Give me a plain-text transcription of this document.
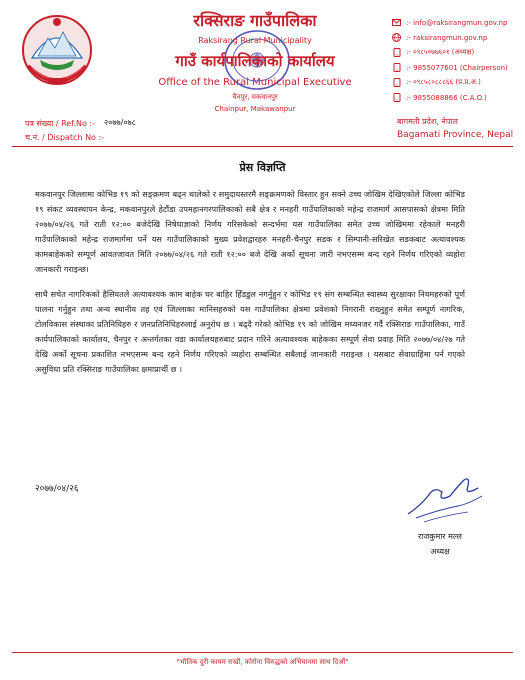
रक्सिराङ गाउँपालिका
Raksirang Rural Municipality
गाउँ कार्यपालिकाको कार्यालय
Office of the Rural Municipal Executive
चैनपुर, मकवानपुर
Chainpur, Makawanpur
:- info@raksirangmun.gov.np
:- raksirangmun.gov.np
:- ०९८५०७७६०१ (अध्यक्ष)
:- 9855077601 (Chairperson)
:- ०९८५८०८८८६६ (प्र.प्र.अ.)
:- 9855088866 (C.A.O.)
पत्र संख्या / Ref.No :- २०७७/०७८
च.नं. / Dispatch No :-
बागमती प्रदेश, नेपाल
Bagamati Province, Nepal
प्रेस विज्ञप्ति

मकवानपुर जिल्लामा कोभिड १९ को सङ्क्रमण बढ्न थालेको र समुदायस्तरमै सङ्क्रमणको विस्तार हुन सक्ने उच्च जोखिम देखिएकोले जिल्ला कोभिड १९ संकट व्यवस्थापन केन्द्र, मकवानपुरले हेटौंडा उपमहानगरपालिकाको सबै क्षेत्र र मनहरी गाउँपालिकाको महेन्द्र राजमार्ग आसपासको क्षेत्रमा मिति २०७७/०४/२६ गते राती १२:०० बजेदेखि निषेधाज्ञाको निर्णय गरिसकेको सन्दर्भमा यस गाउँपालिका समेत उच्च जोखिममा रहेकाले मनहरी गाउँपालिकाको महेन्द्र राजमार्गमा पर्ने यस गाउँपालिकाको मुख्य प्रवेशद्वारहरु मनहरी-चैनपुर सडक र सिम्पानी-सरिखेत सडकबाट अत्यावश्यक कामबाहेकको सम्पूर्ण आवतजावत मिति २०७७/०४/२६ गते राती १२:०० बजे देखि अर्को सूचना जारी नभएसम्म बन्द रहने निर्णय गरिएको व्यहोरा जानकारी गराइन्छ।

साथै सचेत नागरिकको हैसियतले अत्यावश्यक काम बाहेक घर बाहिर हिँडडुल नगर्नुहुन र कोभिड १९ संग सम्बन्धित स्वास्थ्य सुरक्षाका नियमहरुको पूर्ण पालना गर्नुहुन तथा अन्य स्थानीय तह एवं जिल्लाका मानिसहरुको यस गाउँपालिका क्षेत्रमा प्रवेशको निगरानी राख्नुहुन समेत सम्पूर्ण नागरिक, टोलविकास संस्थाका प्रतिनिधिहरु र जनप्रतिनिधिहरुलाई अनुरोध छ । बढ्दै गरेको कोभिड १९ को जोखिम मध्यनजर गर्दै रक्सिराङ गाउँपालिका, गाउँ कार्यपालिकाको कार्यालय, चैनपुर र अन्तर्गतका वडा कार्यालयहरुबाट प्रदान गरिने अत्यावश्यक बाहेकका सम्पूर्ण सेवा प्रवाह मिति २०७७/०४/२७ गते देखि अर्को सूचना प्रकाशित नभएसम्म बन्द रहने निर्णय गरिएको व्यहोरा सम्बन्धित सबैलाई जानकारी गराइन्छ । यसबाट सेवाग्राहिमा पर्न गएको असुविधा प्रति रक्सिराङ गाउँपालिका क्षमाप्रार्थी छ ।

२०७७/०४/२६
राजकुमार मल्ल
अध्यक्ष
"भौतिक दुरी कायम राखौं, कोरोना विरुद्धको अभियानमा साथ दिऔं"
